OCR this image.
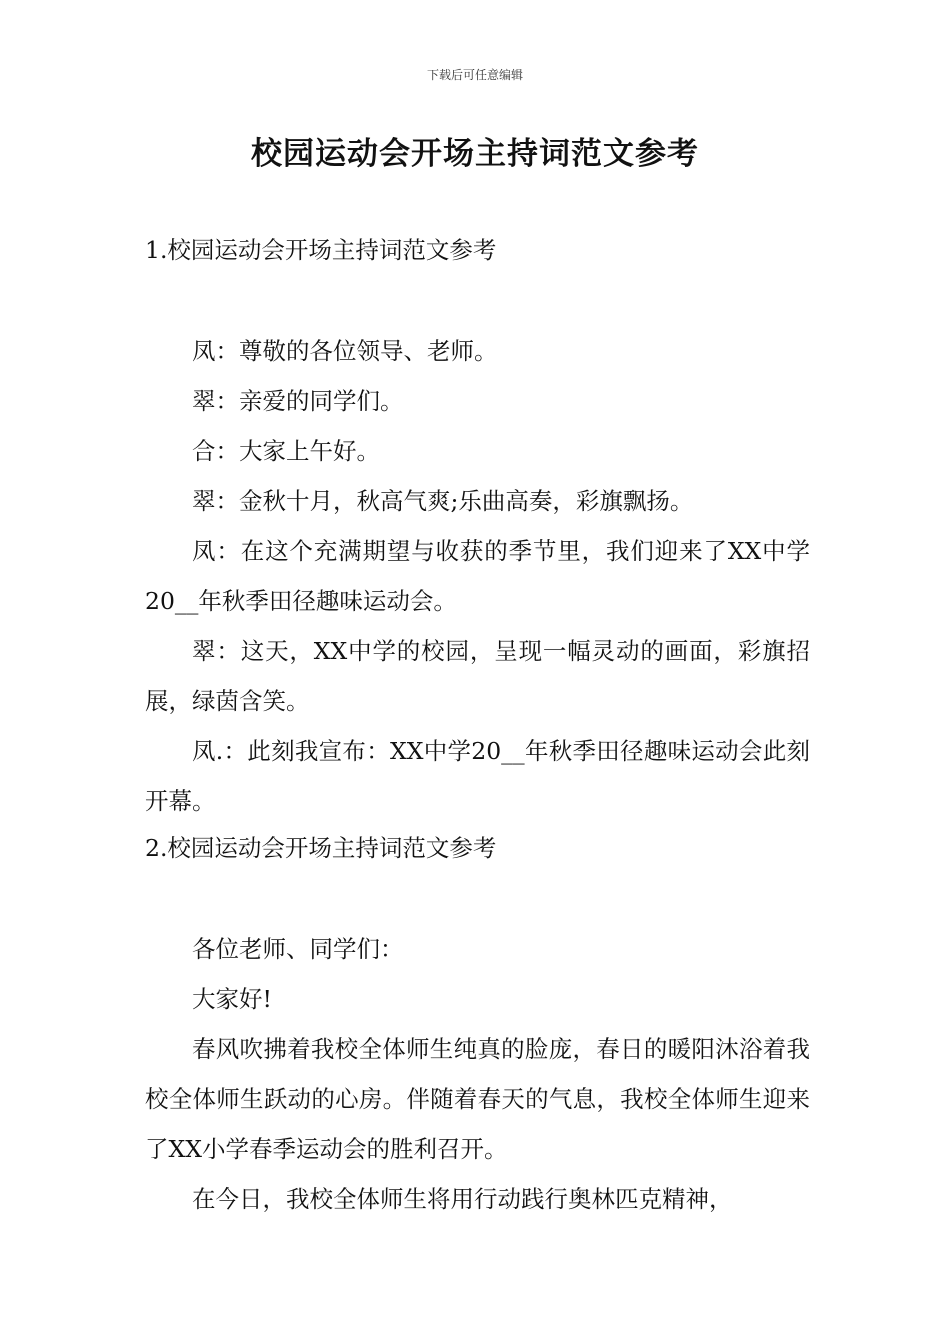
下载后可任意编辑
校园运动会开场主持词范文参考
1.校园运动会开场主持词范文参考

凤：尊敬的各位领导、老师。

翠：亲爱的同学们。

合：大家上午好。

翠：金秋十月，秋高气爽;乐曲高奏，彩旗飘扬。

凤：在这个充满期望与收获的季节里，我们迎来了XX中学20__年秋季田径趣味运动会。

翠：这天，XX中学的校园，呈现一幅灵动的画面，彩旗招展，绿茵含笑。

凤.：此刻我宣布：XX中学20__年秋季田径趣味运动会此刻开幕。

2.校园运动会开场主持词范文参考

各位老师、同学们：

大家好!

春风吹拂着我校全体师生纯真的脸庞，春日的暖阳沐浴着我校全体师生跃动的心房。伴随着春天的气息，我校全体师生迎来了XX小学春季运动会的胜利召开。

在今日，我校全体师生将用行动践行奥林匹克精神，
